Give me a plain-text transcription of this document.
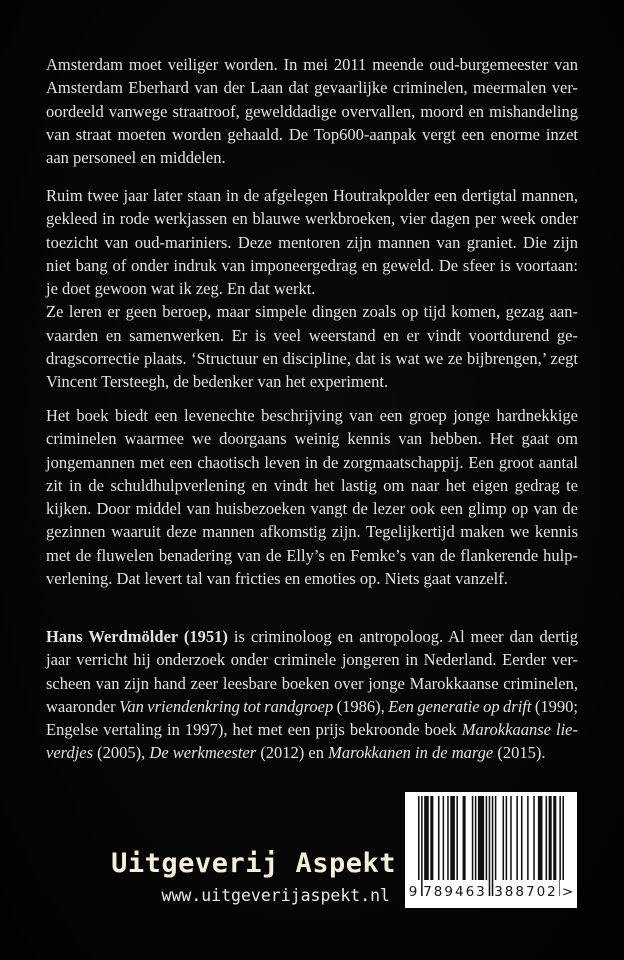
Amsterdam moet veiliger worden. In mei 2011 meende oud-burgemeester van
Amsterdam Eberhard van der Laan dat gevaarlijke criminelen, meermalen ver-
oordeeld vanwege straatroof, gewelddadige overvallen, moord en mishandeling
van straat moeten worden gehaald. De Top600-aanpak vergt een enorme inzet
aan personeel en middelen.
Ruim twee jaar later staan in de afgelegen Houtrakpolder een dertigtal mannen,
gekleed in rode werkjassen en blauwe werkbroeken, vier dagen per week onder
toezicht van oud-mariniers. Deze mentoren zijn mannen van graniet. Die zijn
niet bang of onder indruk van imponeergedrag en geweld. De sfeer is voortaan:
je doet gewoon wat ik zeg. En dat werkt.
Ze leren er geen beroep, maar simpele dingen zoals op tijd komen, gezag aan-
vaarden en samenwerken. Er is veel weerstand en er vindt voortdurend ge-
dragscorrectie plaats. ‘Structuur en discipline, dat is wat we ze bijbrengen,’ zegt
Vincent Tersteegh, de bedenker van het experiment.
Het boek biedt een levenechte beschrijving van een groep jonge hardnekkige
criminelen waarmee we doorgaans weinig kennis van hebben. Het gaat om
jongemannen met een chaotisch leven in de zorgmaatschappij. Een groot aantal
zit in de schuldhulpverlening en vindt het lastig om naar het eigen gedrag te
kijken. Door middel van huisbezoeken vangt de lezer ook een glimp op van de
gezinnen waaruit deze mannen afkomstig zijn. Tegelijkertijd maken we kennis
met de fluwelen benadering van de Elly’s en Femke’s van de flankerende hulp-
verlening. Dat levert tal van fricties en emoties op. Niets gaat vanzelf.
Hans Werdmölder (1951) is criminoloog en antropoloog. Al meer dan dertig
jaar verricht hij onderzoek onder criminele jongeren in Nederland. Eerder ver-
scheen van zijn hand zeer leesbare boeken over jonge Marokkaanse criminelen,
waaronder Van vriendenkring tot randgroep (1986), Een generatie op drift (1990;
Engelse vertaling in 1997), het met een prijs bekroonde boek Marokkaanse lie-
verdjes (2005), De werkmeester (2012) en Marokkanen in de marge (2015).
Uitgeverij Aspekt
www.uitgeverijaspekt.nl 9 789463 388702 >
